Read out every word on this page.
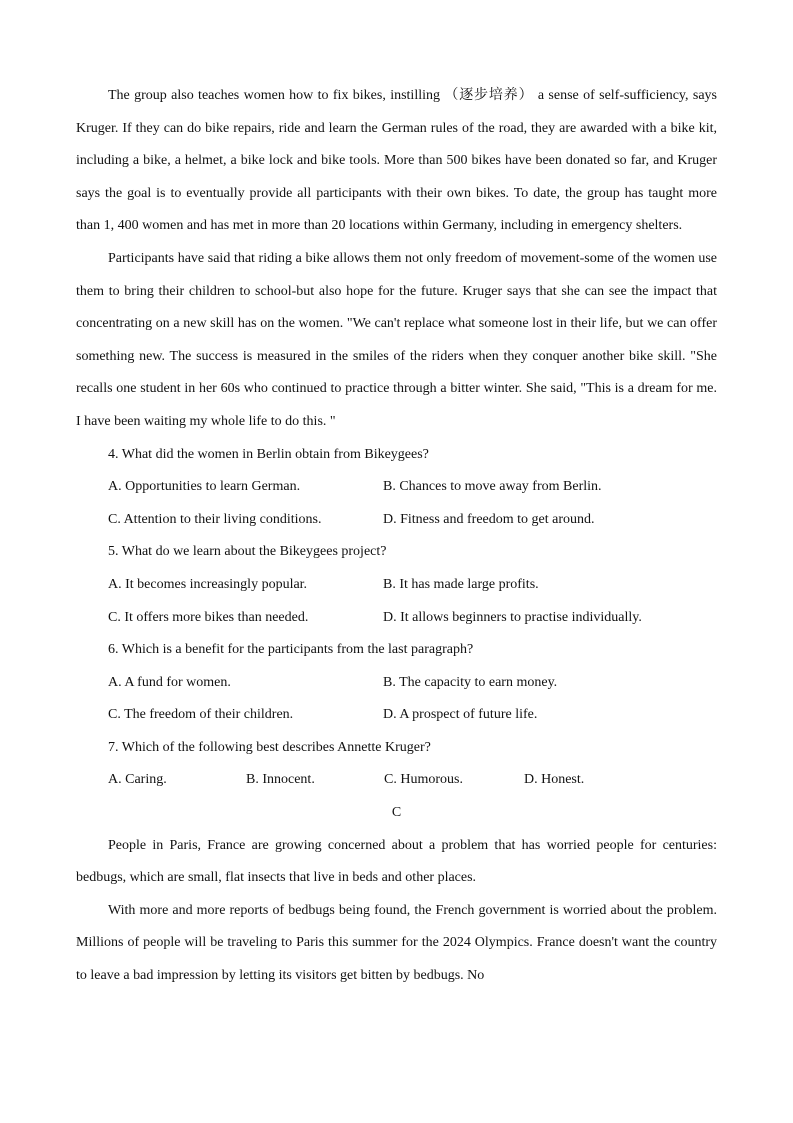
The group also teaches women how to fix bikes, instilling （逐步培养） a sense of self-sufficiency, says Kruger. If they can do bike repairs, ride and learn the German rules of the road, they are awarded with a bike kit, including a bike, a helmet, a bike lock and bike tools. More than 500 bikes have been donated so far, and Kruger says the goal is to eventually provide all participants with their own bikes. To date, the group has taught more than 1, 400 women and has met in more than 20 locations within Germany, including in emergency shelters.

Participants have said that riding a bike allows them not only freedom of movement-some of the women use them to bring their children to school-but also hope for the future. Kruger says that she can see the impact that concentrating on a new skill has on the women. "We can't replace what someone lost in their life, but we can offer something new. The success is measured in the smiles of the riders when they conquer another bike skill. "She recalls one student in her 60s who continued to practice through a bitter winter. She said, "This is a dream for me. I have been waiting my whole life to do this. "

4. What did the women in Berlin obtain from Bikeygees?

A. Opportunities to learn German.	B. Chances to move away from Berlin.
C. Attention to their living conditions.	D. Fitness and freedom to get around.

5. What do we learn about the Bikeygees project?

A. It becomes increasingly popular.	B. It has made large profits.
C. It offers more bikes than needed.	D. It allows beginners to practise individually.

6. Which is a benefit for the participants from the last paragraph?

A. A fund for women.	B. The capacity to earn money.
C. The freedom of their children.	D. A prospect of future life.

7. Which of the following best describes Annette Kruger?

A. Caring.	B. Innocent.	C. Humorous.	D. Honest.

C

People in Paris, France are growing concerned about a problem that has worried people for centuries: bedbugs, which are small, flat insects that live in beds and other places.

With more and more reports of bedbugs being found, the French government is worried about the problem. Millions of people will be traveling to Paris this summer for the 2024 Olympics. France doesn't want the country to leave a bad impression by letting its visitors get bitten by bedbugs. No
